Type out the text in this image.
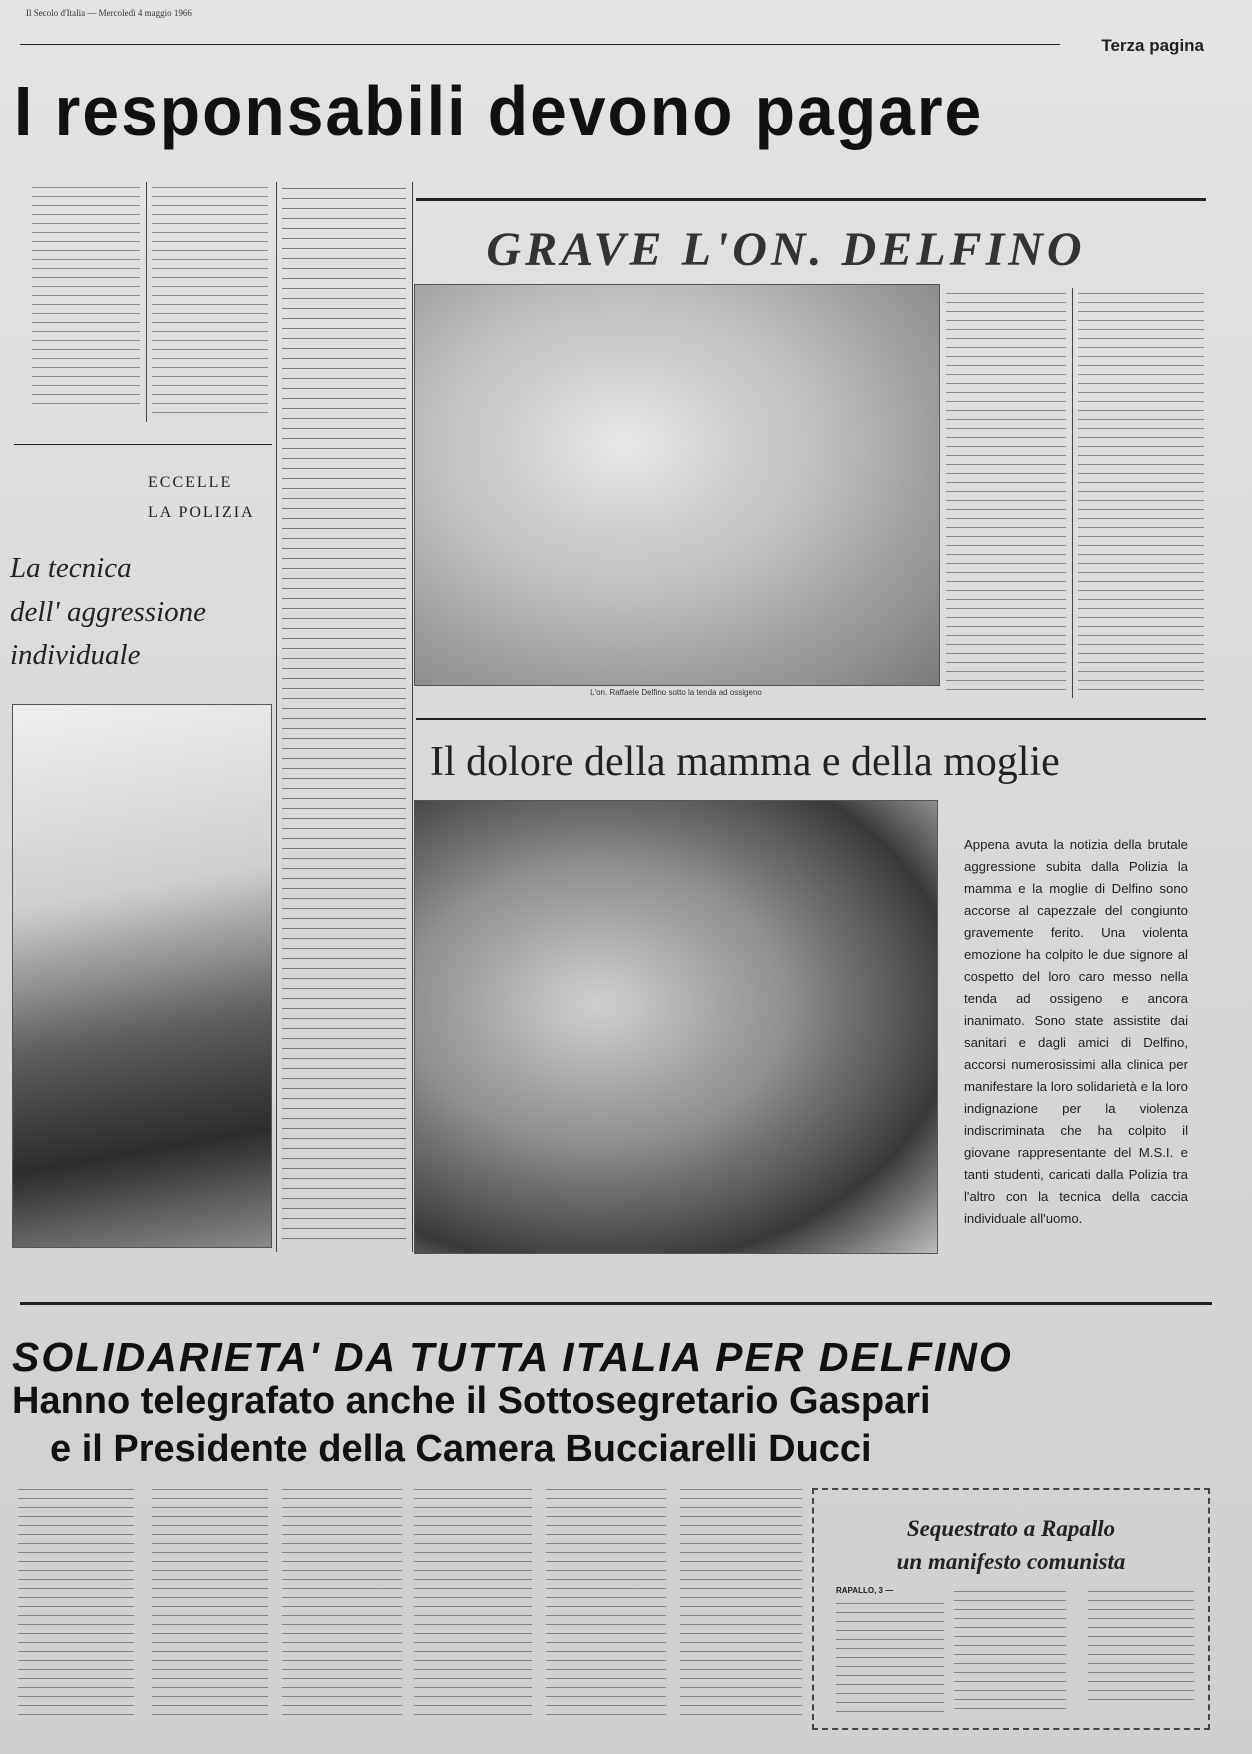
Il Secolo d'Italia — Mercoledì 4 maggio 1966
Terza pagina
I responsabili devono pagare
ECCELLE
LA POLIZIA
La tecnica
dell' aggressione
individuale
GRAVE L'ON. DELFINO
L'on. Raffaele Delfino sotto la tenda ad ossigeno
Il dolore della mamma e della moglie
Appena avuta la notizia della brutale aggressione subita dalla Polizia la mamma e la moglie di Delfino sono accorse al capezzale del congiunto gravemente ferito. Una violenta emozione ha colpito le due signore al cospetto del loro caro messo nella tenda ad ossigeno e ancora inanimato. Sono state assistite dai sanitari e dagli amici di Delfino, accorsi numerosissimi alla clinica per manifestare la loro solidarietà e la loro indignazione per la violenza indiscriminata che ha colpito il giovane rappresentante del M.S.I. e tanti studenti, caricati dalla Polizia tra l'altro con la tecnica della caccia individuale all'uomo.
SOLIDARIETA' DA TUTTA ITALIA PER DELFINO
Hanno telegrafato anche il Sottosegretario Gaspari
e il Presidente della Camera Bucciarelli Ducci
Sequestrato a Rapallo
un manifesto comunista
RAPALLO, 3 —
